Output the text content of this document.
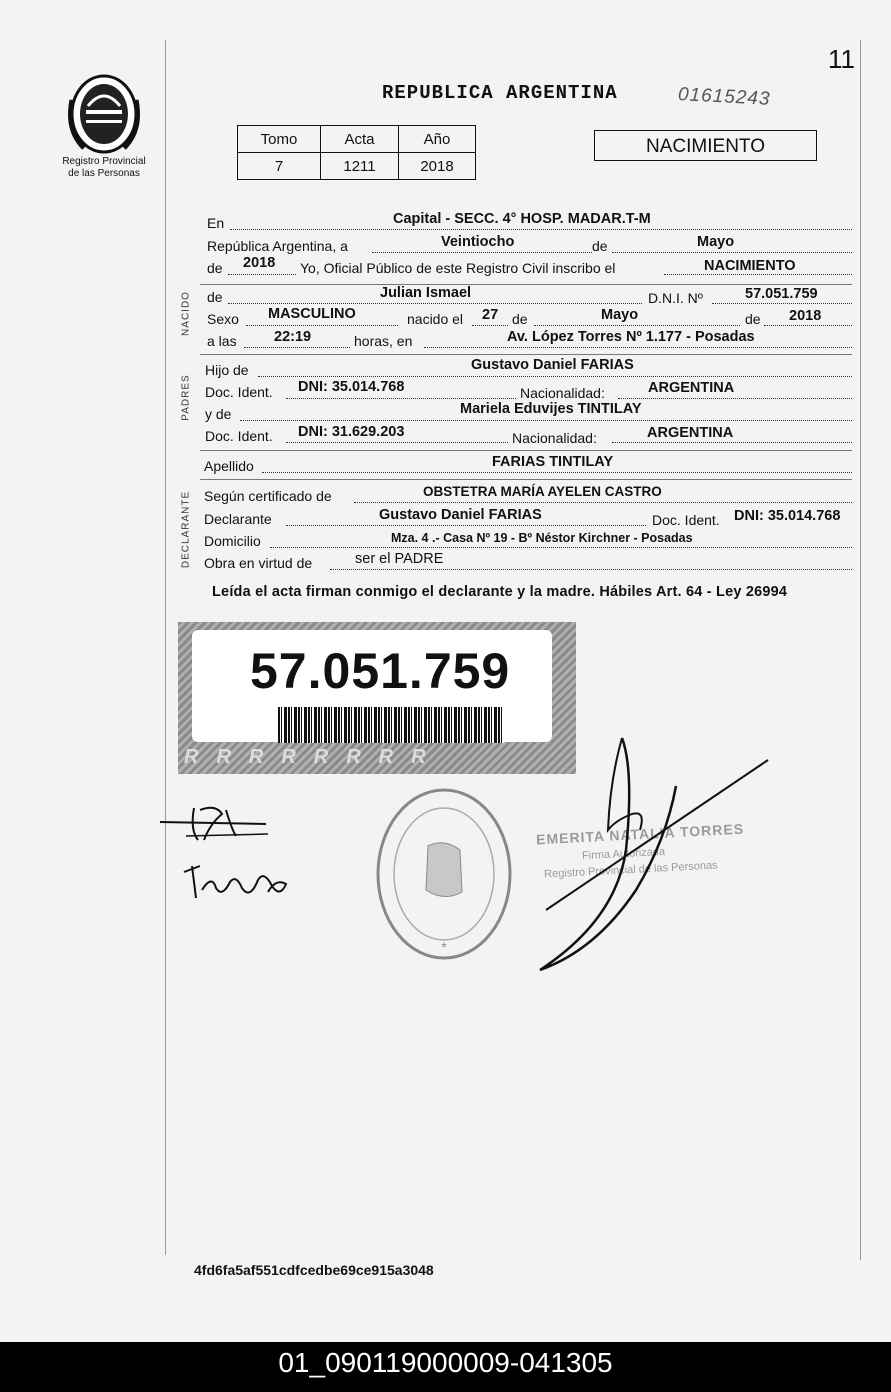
11
Registro Provincial
de las Personas
REPUBLICA ARGENTINA	01615243
Tomo	Acta	Año
7	1211	2018
NACIMIENTO
En	Capital - SECC. 4° HOSP. MADAR.T-M
República Argentina, a	Veintiocho	de	Mayo
de 2018 Yo, Oficial Público de este Registro Civil inscribo el	NACIMIENTO
NACIDO de	Julian Ismael	D.N.I. Nº	57.051.759
Sexo MASCULINO	nacido el 27 de	Mayo	de 2018
a las	22:19	horas, en	Av. López Torres Nº 1.177 - Posadas
PADRES
Hijo de	Gustavo Daniel FARIAS
Doc. Ident. DNI: 35.014.768	Nacionalidad:	ARGENTINA
y de	Mariela Eduvijes TINTILAY
Doc. Ident. DNI: 31.629.203	Nacionalidad:	ARGENTINA
Apellido	FARIAS TINTILAY
DECLARANTE Según certificado de	OBSTETRA MARÍA AYELEN CASTRO
Declarante	Gustavo Daniel FARIAS	Doc. Ident. DNI: 35.014.768
Domicilio	Mza. 4 .- Casa Nº 19 - Bº Néstor Kirchner - Posadas
Obra en virtud de	ser el PADRE
Leída el acta firman conmigo el declarante y la madre. Hábiles Art. 64 - Ley 26994
57.051.759
RRRRRRRR
*
EMERITA NATALIA TORRES
Firma Autorizada
Registro Provincial de las Personas
4fd6fa5af551cdfcedbe69ce915a3048
01_090119000009-041305
